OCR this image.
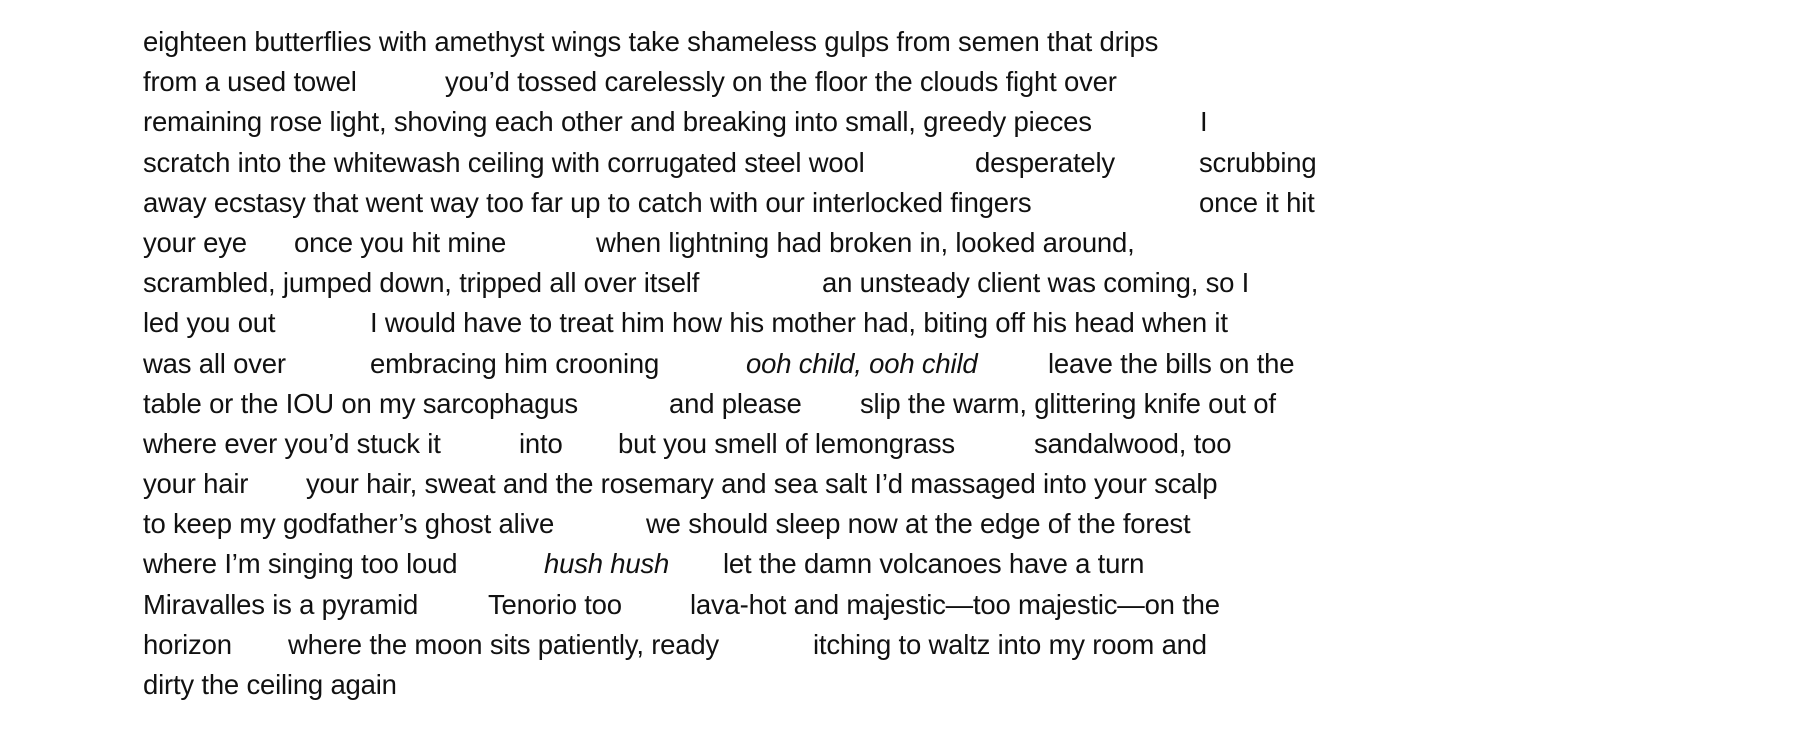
eighteen butterflies with amethyst wings take shameless gulps from semen that drips
from a used towel	you’d tossed carelessly on the floor the clouds fight over
remaining rose light, shoving each other and breaking into small, greedy pieces	I
scratch into the whitewash ceiling with corrugated steel wool	desperately	scrubbing
away ecstasy that went way too far up to catch with our interlocked fingers	once it hit
your eye once you hit mine	when lightning had broken in, looked around,
scrambled, jumped down, tripped all over itself	an unsteady client was coming, so I
led you out	I would have to treat him how his mother had, biting off his head when it
was all over	embracing him crooning	ooh child, ooh child	leave the bills on the
table or the IOU on my sarcophagus	and please slip the warm, glittering knife out of
where ever you’d stuck it	into but you smell of lemongrass	sandalwood, too
your hair your hair, sweat and the rosemary and sea salt I’d massaged into your scalp
to keep my godfather’s ghost alive	we should sleep now at the edge of the forest
where I’m singing too loud	hush hush let the damn volcanoes have a turn
Miravalles is a pyramid	Tenorio too lava-hot and majestic—too majestic—on the
horizon where the moon sits patiently, ready	itching to waltz into my room and
dirty the ceiling again
